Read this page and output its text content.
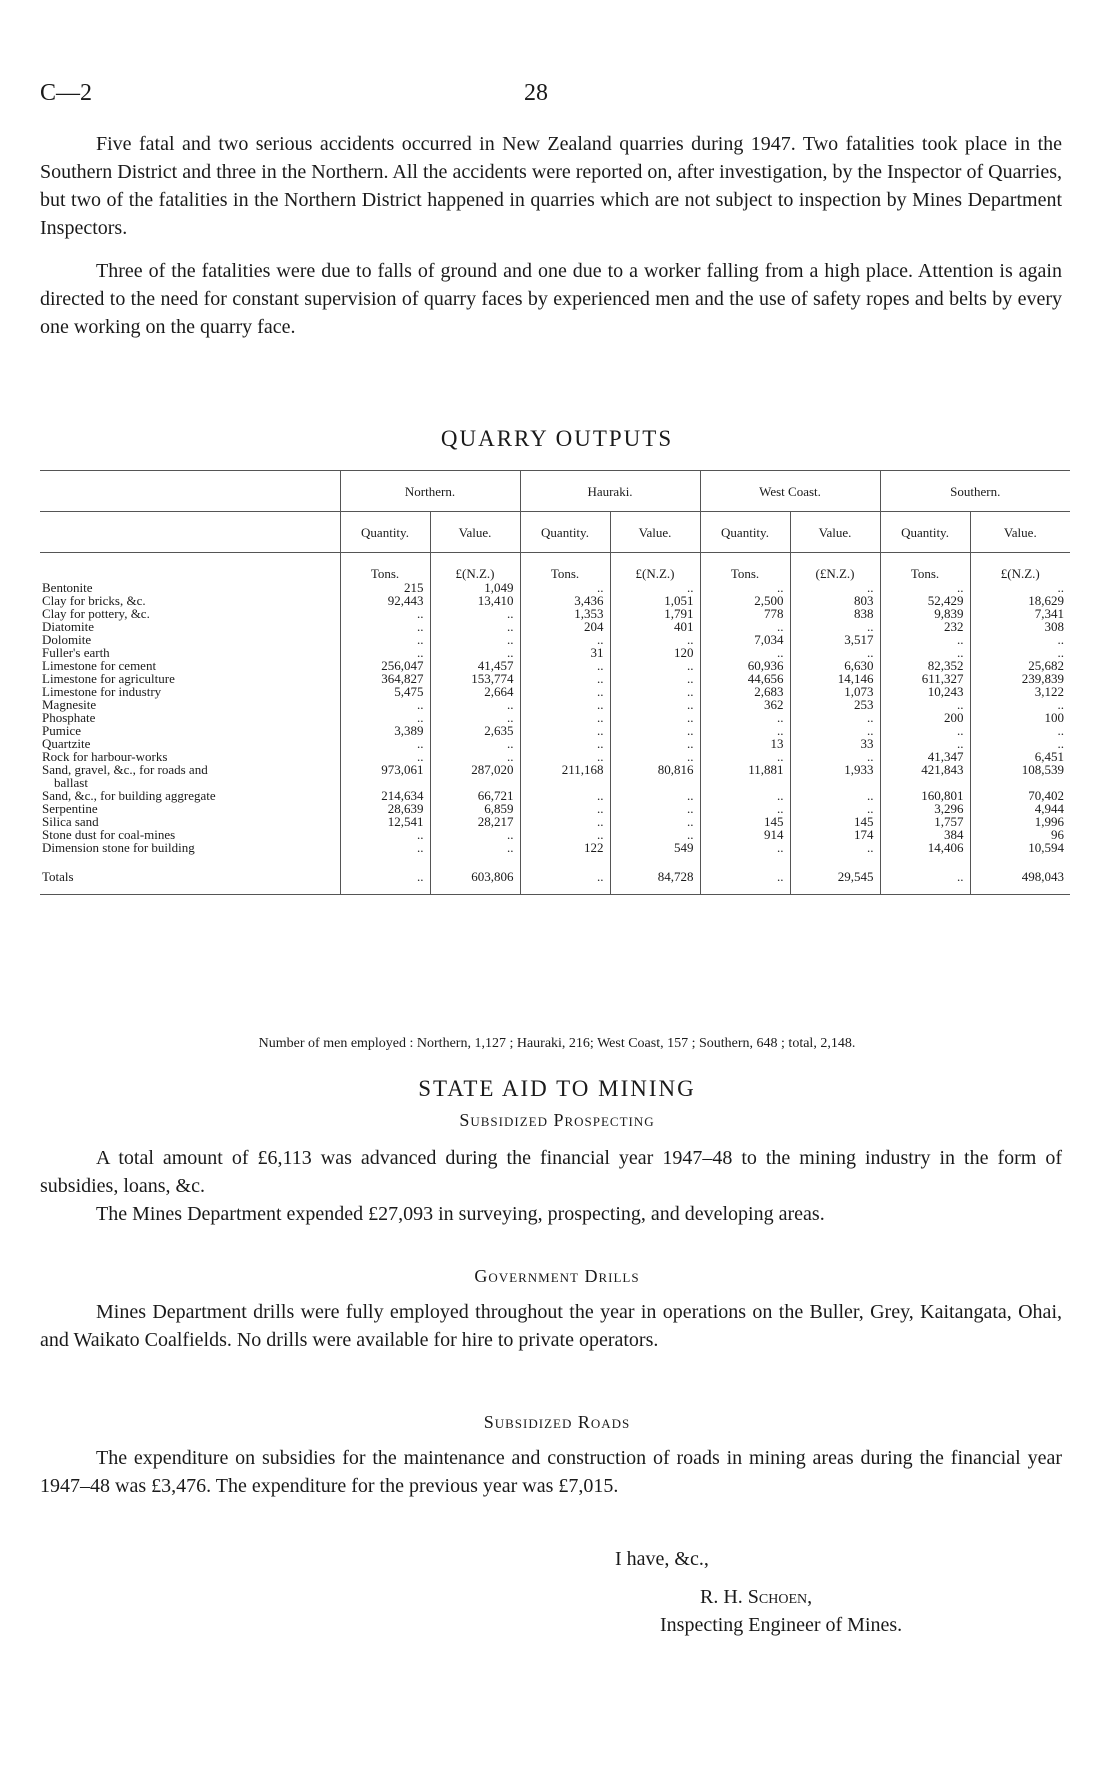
C—2	28

Five fatal and two serious accidents occurred in New Zealand quarries during 1947. Two fatalities took place in the Southern District and three in the Northern. All the accidents were reported on, after investigation, by the Inspector of Quarries, but two of the fatalities in the Northern District happened in quarries which are not subject to inspection by Mines Department Inspectors.

Three of the fatalities were due to falls of ground and one due to a worker falling from a high place. Attention is again directed to the need for constant supervision of quarry faces by experienced men and the use of safety ropes and belts by every one working on the quarry face.

QUARRY OUTPUTS
	Northern.		Hauraki.		West Coast.		Southern.	
	Quantity.	Value.	Quantity.	Value.	Quantity.	Value.	Quantity.	Value.
	Tons.	£(N.Z.)	Tons.	£(N.Z.)	Tons.	(£N.Z.)	Tons.	£(N.Z.)
Bentonite	215	1,049	..	..	..	..	..	..
Clay for bricks, &c.	92,443	13,410	3,436	1,051	2,500	803	52,429	18,629
Clay for pottery, &c.	..	..	1,353	1,791	778	838	9,839	7,341
Diatomite	..	..	204	401	..	..	232	308
Dolomite	..	..	..	..	7,034	3,517	..	..
Fuller's earth	..	..	31	120	..	..	..	..
Limestone for cement	256,047	41,457	..	..	60,936	6,630	82,352	25,682
Limestone for agriculture	364,827	153,774	..	..	44,656	14,146	611,327	239,839
Limestone for industry	5,475	2,664	..	..	2,683	1,073	10,243	3,122
Magnesite	..	..	..	..	362	253	..	..
Phosphate	..	..	..	..	..	..	200	100
Pumice	3,389	2,635	..	..	..	..	..	..
Quartzite	..	..	..	..	13	33	..	..
Rock for harbour-works	..	..	..	..	..	..	41,347	6,451
Sand, gravel, &c., for roads and	973,061	287,020	211,168	80,816	11,881	1,933	421,843	108,539
ballast								
Sand, &c., for building aggregate	214,634	66,721	..	..	..	..	160,801	70,402
Serpentine	28,639	6,859	..	..	..	..	3,296	4,944
Silica sand	12,541	28,217	..	..	145	145	1,757	1,996
Stone dust for coal-mines	..	..	..	..	914	174	384	96
Dimension stone for building	..	..	122	549	..	..	14,406	10,594
Totals	..	603,806	..	84,728	..	29,545	..	498,043

Number of men employed : Northern, 1,127 ; Hauraki, 216; West Coast, 157 ; Southern, 648 ; total, 2,148.
STATE AID TO MINING
Subsidized Prospecting

A total amount of £6,113 was advanced during the financial year 1947–48 to the mining industry in the form of subsidies, loans, &c.

The Mines Department expended £27,093 in surveying, prospecting, and developing areas.

Government Drills

Mines Department drills were fully employed throughout the year in operations on the Buller, Grey, Kaitangata, Ohai, and Waikato Coalfields. No drills were available for hire to private operators.

Subsidized Roads

The expenditure on subsidies for the maintenance and construction of roads in mining areas during the financial year 1947–48 was £3,476. The expenditure for the previous year was £7,015.

I have, &c.,
R. H. Schoen,
Inspecting Engineer of Mines.
